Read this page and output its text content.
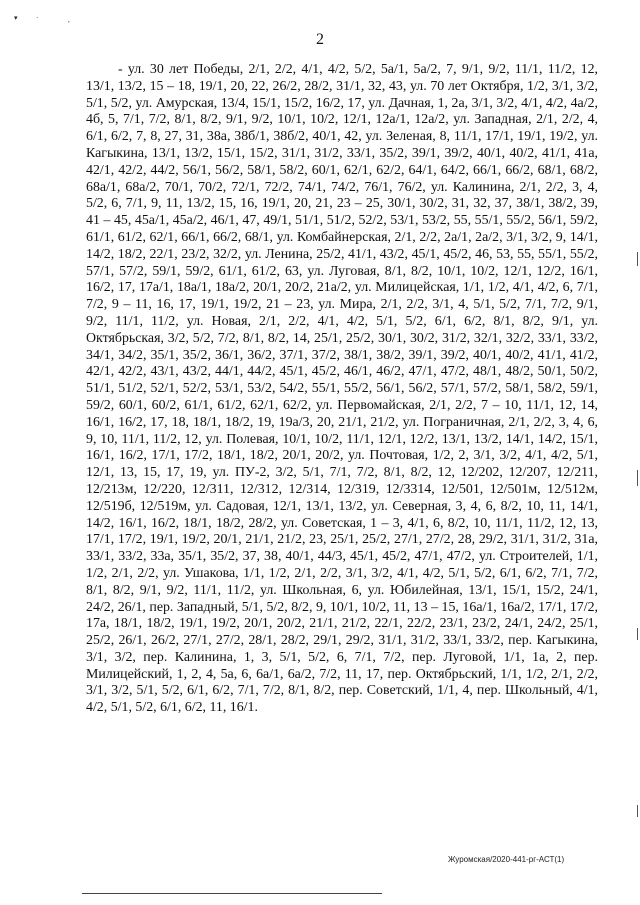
▾	·	,
2

- ул. 30 лет Победы, 2/1, 2/2, 4/1, 4/2, 5/2, 5а/1, 5а/2, 7, 9/1, 9/2, 11/1, 11/2, 12, 13/1, 13/2, 15 – 18, 19/1, 20, 22, 26/2, 28/2, 31/1, 32, 43, ул. 70 лет Октября, 1/2, 3/1, 3/2, 5/1, 5/2, ул. Амурская, 13/4, 15/1, 15/2, 16/2, 17, ул. Дачная, 1, 2а, 3/1, 3/2, 4/1, 4/2, 4а/2, 4б, 5, 7/1, 7/2, 8/1, 8/2, 9/1, 9/2, 10/1, 10/2, 12/1, 12а/1, 12а/2, ул. Западная, 2/1, 2/2, 4, 6/1, 6/2, 7, 8, 27, 31, 38а, 38б/1, 38б/2, 40/1, 42, ул. Зеленая, 8, 11/1, 17/1, 19/1, 19/2, ул. Кагыкина, 13/1, 13/2, 15/1, 15/2, 31/1, 31/2, 33/1, 35/2, 39/1, 39/2, 40/1, 40/2, 41/1, 41а, 42/1, 42/2, 44/2, 56/1, 56/2, 58/1, 58/2, 60/1, 62/1, 62/2, 64/1, 64/2, 66/1, 66/2, 68/1, 68/2, 68а/1, 68а/2, 70/1, 70/2, 72/1, 72/2, 74/1, 74/2, 76/1, 76/2, ул. Калинина, 2/1, 2/2, 3, 4, 5/2, 6, 7/1, 9, 11, 13/2, 15, 16, 19/1, 20, 21, 23 – 25, 30/1, 30/2, 31, 32, 37, 38/1, 38/2, 39, 41 – 45, 45а/1, 45а/2, 46/1, 47, 49/1, 51/1, 51/2, 52/2, 53/1, 53/2, 55, 55/1, 55/2, 56/1, 59/2, 61/1, 61/2, 62/1, 66/1, 66/2, 68/1, ул. Комбайнерская, 2/1, 2/2, 2а/1, 2а/2, 3/1, 3/2, 9, 14/1, 14/2, 18/2, 22/1, 23/2, 32/2, ул. Ленина, 25/2, 41/1, 43/2, 45/1, 45/2, 46, 53, 55, 55/1, 55/2, 57/1, 57/2, 59/1, 59/2, 61/1, 61/2, 63, ул. Луговая, 8/1, 8/2, 10/1, 10/2, 12/1, 12/2, 16/1, 16/2, 17, 17а/1, 18а/1, 18а/2, 20/1, 20/2, 21а/2, ул. Милицейская, 1/1, 1/2, 4/1, 4/2, 6, 7/1, 7/2, 9 – 11, 16, 17, 19/1, 19/2, 21 – 23, ул. Мира, 2/1, 2/2, 3/1, 4, 5/1, 5/2, 7/1, 7/2, 9/1, 9/2, 11/1, 11/2, ул. Новая, 2/1, 2/2, 4/1, 4/2, 5/1, 5/2, 6/1, 6/2, 8/1, 8/2, 9/1, ул. Октябрьская, 3/2, 5/2, 7/2, 8/1, 8/2, 14, 25/1, 25/2, 30/1, 30/2, 31/2, 32/1, 32/2, 33/1, 33/2, 34/1, 34/2, 35/1, 35/2, 36/1, 36/2, 37/1, 37/2, 38/1, 38/2, 39/1, 39/2, 40/1, 40/2, 41/1, 41/2, 42/1, 42/2, 43/1, 43/2, 44/1, 44/2, 45/1, 45/2, 46/1, 46/2, 47/1, 47/2, 48/1, 48/2, 50/1, 50/2, 51/1, 51/2, 52/1, 52/2, 53/1, 53/2, 54/2, 55/1, 55/2, 56/1, 56/2, 57/1, 57/2, 58/1, 58/2, 59/1, 59/2, 60/1, 60/2, 61/1, 61/2, 62/1, 62/2, ул. Первомайская, 2/1, 2/2, 7 – 10, 11/1, 12, 14, 16/1, 16/2, 17, 18, 18/1, 18/2, 19, 19а/3, 20, 21/1, 21/2, ул. Пограничная, 2/1, 2/2, 3, 4, 6, 9, 10, 11/1, 11/2, 12, ул. Полевая, 10/1, 10/2, 11/1, 12/1, 12/2, 13/1, 13/2, 14/1, 14/2, 15/1, 16/1, 16/2, 17/1, 17/2, 18/1, 18/2, 20/1, 20/2, ул. Почтовая, 1/2, 2, 3/1, 3/2, 4/1, 4/2, 5/1, 12/1, 13, 15, 17, 19, ул. ПУ-2, 3/2, 5/1, 7/1, 7/2, 8/1, 8/2, 12, 12/202, 12/207, 12/211, 12/213м, 12/220, 12/311, 12/312, 12/314, 12/319, 12/3314, 12/501, 12/501м, 12/512м, 12/519б, 12/519м, ул. Садовая, 12/1, 13/1, 13/2, ул. Северная, 3, 4, 6, 8/2, 10, 11, 14/1, 14/2, 16/1, 16/2, 18/1, 18/2, 28/2, ул. Советская, 1 – 3, 4/1, 6, 8/2, 10, 11/1, 11/2, 12, 13, 17/1, 17/2, 19/1, 19/2, 20/1, 21/1, 21/2, 23, 25/1, 25/2, 27/1, 27/2, 28, 29/2, 31/1, 31/2, 31а, 33/1, 33/2, 33а, 35/1, 35/2, 37, 38, 40/1, 44/3, 45/1, 45/2, 47/1, 47/2, ул. Строителей, 1/1, 1/2, 2/1, 2/2, ул. Ушакова, 1/1, 1/2, 2/1, 2/2, 3/1, 3/2, 4/1, 4/2, 5/1, 5/2, 6/1, 6/2, 7/1, 7/2, 8/1, 8/2, 9/1, 9/2, 11/1, 11/2, ул. Школьная, 6, ул. Юбилейная, 13/1, 15/1, 15/2, 24/1, 24/2, 26/1, пер. Западный, 5/1, 5/2, 8/2, 9, 10/1, 10/2, 11, 13 – 15, 16а/1, 16а/2, 17/1, 17/2, 17а, 18/1, 18/2, 19/1, 19/2, 20/1, 20/2, 21/1, 21/2, 22/1, 22/2, 23/1, 23/2, 24/1, 24/2, 25/1, 25/2, 26/1, 26/2, 27/1, 27/2, 28/1, 28/2, 29/1, 29/2, 31/1, 31/2, 33/1, 33/2, пер. Кагыкина, 3/1, 3/2, пер. Калинина, 1, 3, 5/1, 5/2, 6, 7/1, 7/2, пер. Луговой, 1/1, 1а, 2, пер. Милицейский, 1, 2, 4, 5а, 6, 6а/1, 6а/2, 7/2, 11, 17, пер. Октябрьский, 1/1, 1/2, 2/1, 2/2, 3/1, 3/2, 5/1, 5/2, 6/1, 6/2, 7/1, 7/2, 8/1, 8/2, пер. Советский, 1/1, 4, пер. Школьный, 4/1, 4/2, 5/1, 5/2, 6/1, 6/2, 11, 16/1.

Журомская/2020-441-рг-АСТ(1)
